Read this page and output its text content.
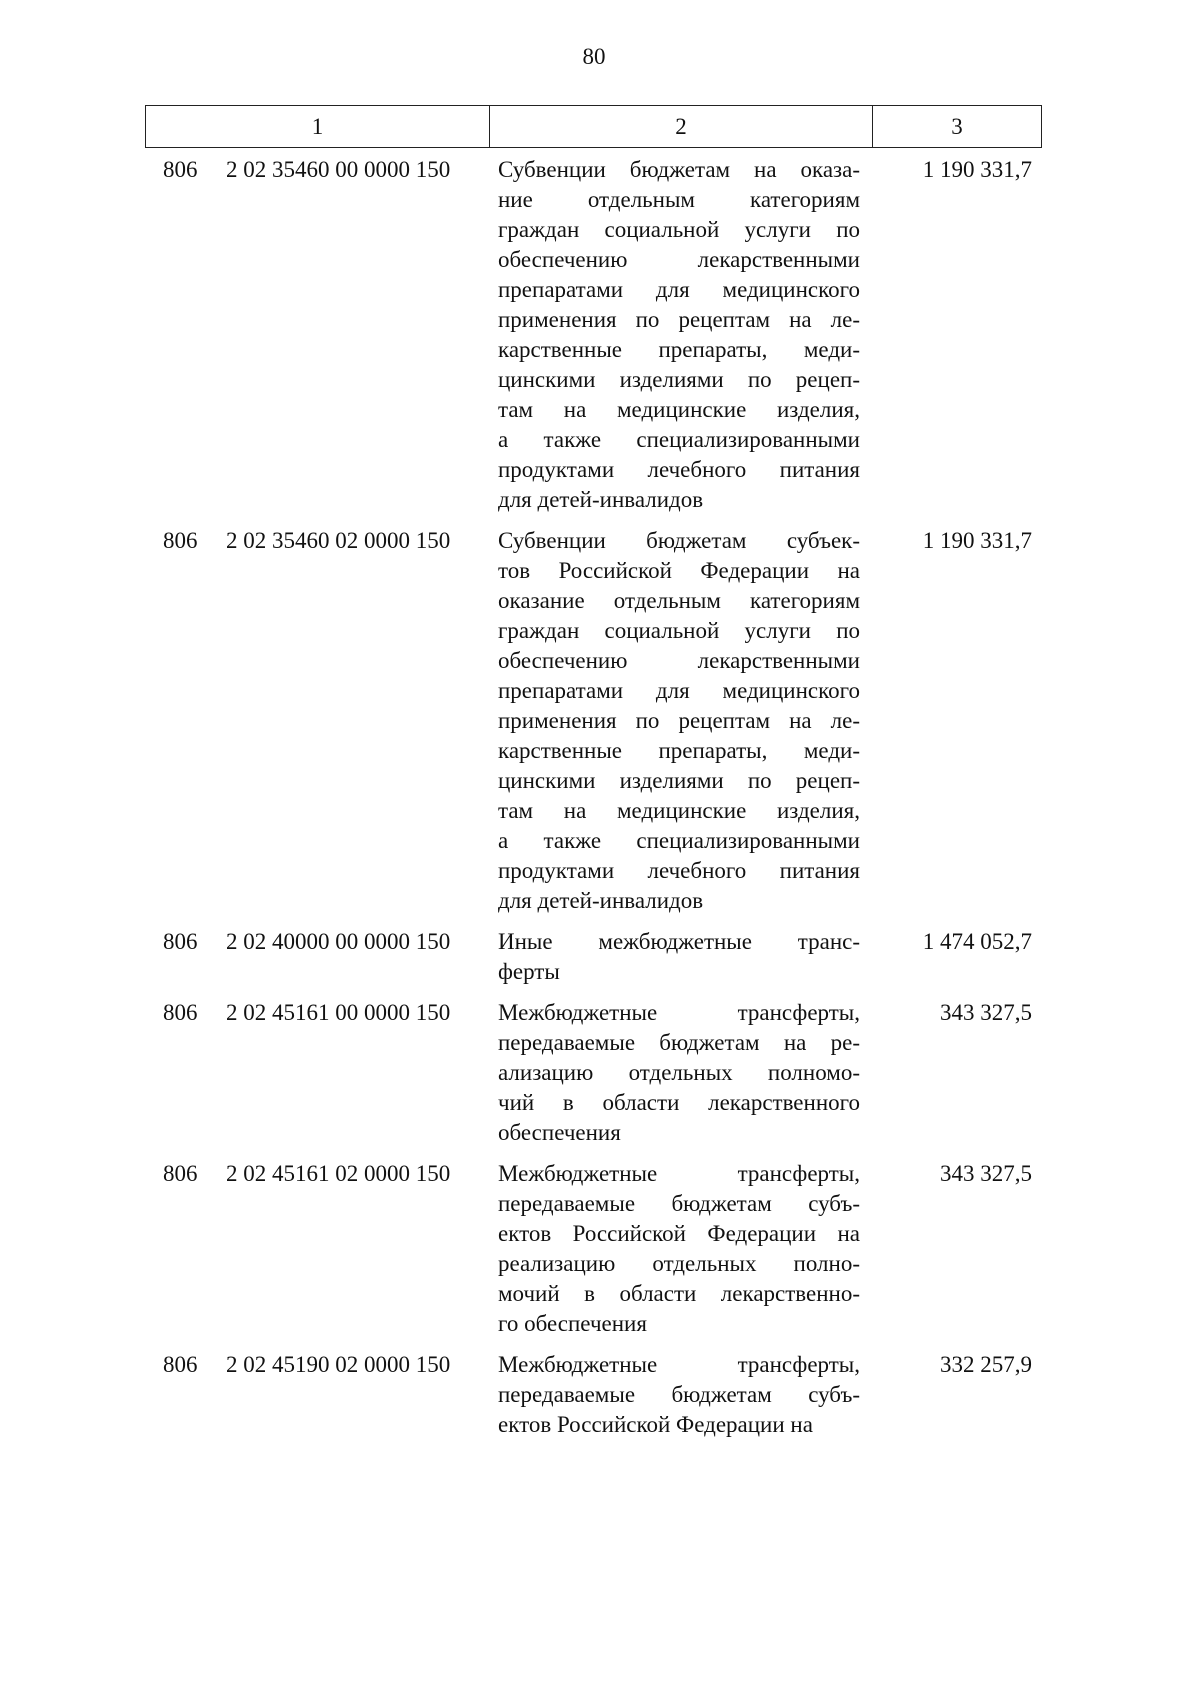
80
1	2	3
806 2 02 35460 00 0000 150 Субвенции бюджетам на оказа-
ние отдельным категориям
граждан социальной услуги по
обеспечению лекарственными
препаратами для медицинского
применения по рецептам на ле-
карственные препараты, меди-
цинскими изделиями по рецеп-
там на медицинские изделия,
а также специализированными
продуктами лечебного питания
для детей-инвалидов
1 190 331,7
806 2 02 35460 02 0000 150 Субвенции бюджетам субъек-
тов Российской Федерации на
оказание отдельным категориям
граждан социальной услуги по
обеспечению лекарственными
препаратами для медицинского
применения по рецептам на ле-
карственные препараты, меди-
цинскими изделиями по рецеп-
там на медицинские изделия,
а также специализированными
продуктами лечебного питания
для детей-инвалидов
1 190 331,7
806 2 02 40000 00 0000 150 Иные межбюджетные транс-
ферты
1 474 052,7
806 2 02 45161 00 0000 150 Межбюджетные трансферты,
передаваемые бюджетам на ре-
ализацию отдельных полномо-
чий в области лекарственного
обеспечения
343 327,5
806 2 02 45161 02 0000 150 Межбюджетные трансферты,
передаваемые бюджетам субъ-
ектов Российской Федерации на
реализацию отдельных полно-
мочий в области лекарственно-
го обеспечения
343 327,5
806 2 02 45190 02 0000 150 Межбюджетные трансферты,
передаваемые бюджетам субъ-
ектов Российской Федерации на
332 257,9
